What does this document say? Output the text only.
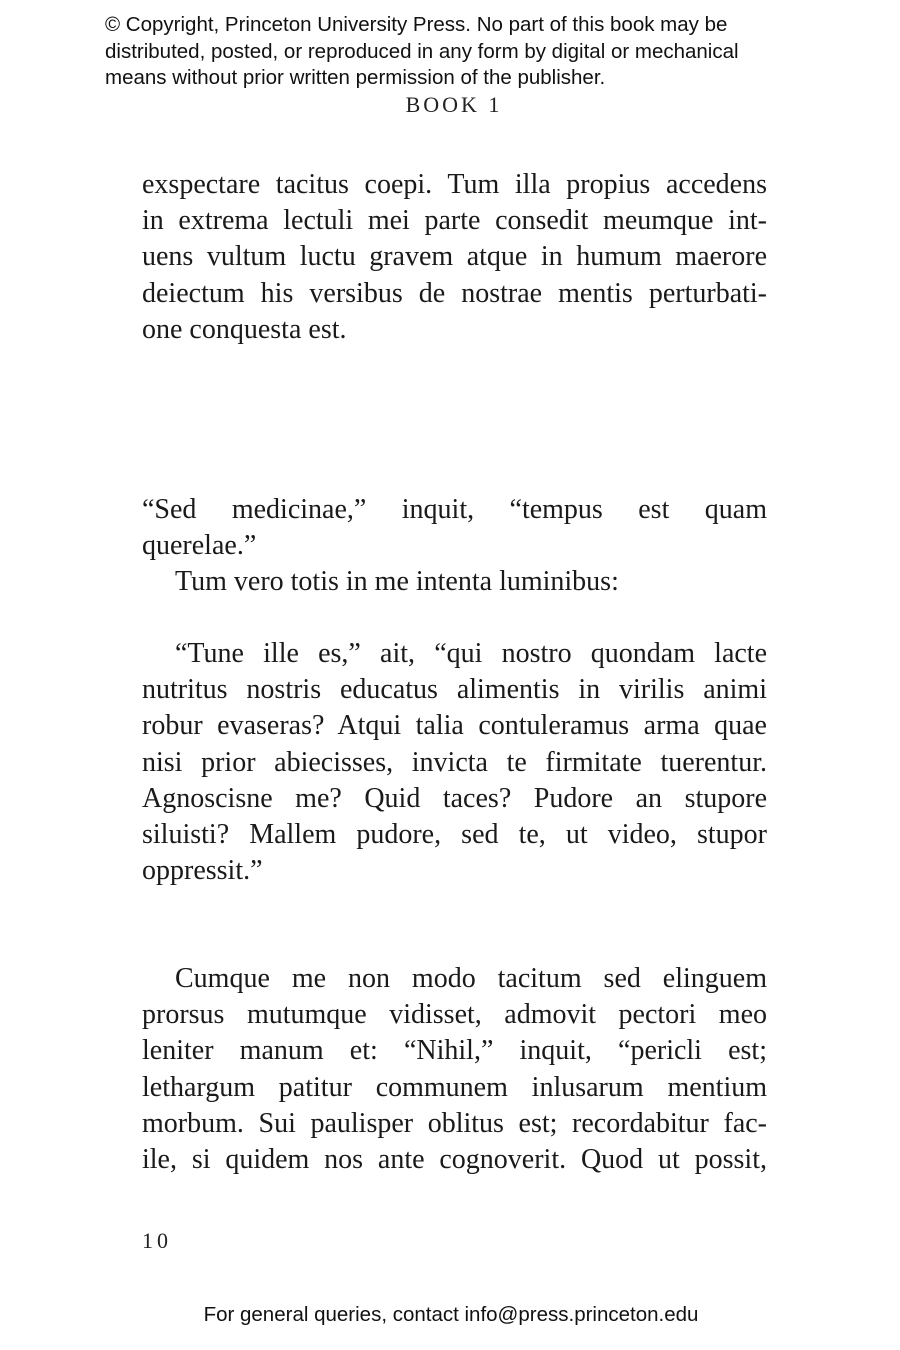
© Copyright, Princeton University Press. No part of this book may be
distributed, posted, or reproduced in any form by digital or mechanical
means without prior written permission of the publisher.
BOOK 1
exspectare tacitus coepi. Tum illa propius accedens
in extrema lectuli mei parte consedit meumque int-
uens vultum luctu gravem atque in humum maerore
deiectum his versibus de nostrae mentis perturbati-
one conquesta est.
“Sed medicinae,” inquit, “tempus est quam
querelae.”
Tum vero totis in me intenta luminibus:
“Tune ille es,” ait, “qui nostro quondam lacte
nutritus nostris educatus alimentis in virilis animi
robur evaseras? Atqui talia contuleramus arma quae
nisi prior abiecisses, invicta te firmitate tuerentur.
Agnoscisne me? Quid taces? Pudore an stupore
siluisti? Mallem pudore, sed te, ut video, stupor
oppressit.”
Cumque me non modo tacitum sed elinguem
prorsus mutumque vidisset, admovit pectori meo
leniter manum et: “Nihil,” inquit, “pericli est;
lethargum patitur communem inlusarum mentium
morbum. Sui paulisper oblitus est; recordabitur fac-
ile, si quidem nos ante cognoverit. Quod ut possit,
10
For general queries, contact info@press.princeton.edu
